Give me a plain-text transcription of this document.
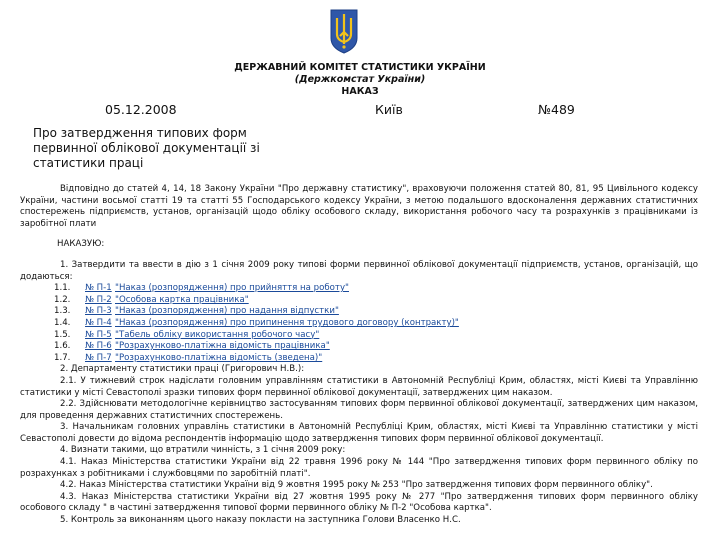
ДЕРЖАВНИЙ КОМІТЕТ СТАТИСТИКИ УКРАЇНИ
(Держкомстат України)
НАКАЗ
05.12.2008	Київ	№489
Про затвердження типових форм первинної облікової документації зі статистики праці

Відповідно до статей 4, 14, 18 Закону України "Про державну статистику", враховуючи положення статей 80, 81, 95 Цивільного кодексу України, частини восьмої статті 19 та статті 55 Господарського кодексу України, з метою подальшого вдосконалення державних статистичних спостережень підприємств, установ, організацій щодо обліку особового складу, використання робочого часу та розрахунків з працівниками із заробітної плати

НАКАЗУЮ:

1. Затвердити та ввести в дію з 1 січня 2009 року типові форми первинної облікової документації підприємств, установ, організацій, що додаються:

1.1.	№ П-1 "Наказ (розпорядження) про прийняття на роботу"
1.2.	№ П-2 "Особова картка працівника"
1.3.	№ П-3 "Наказ (розпорядження) про надання відпустки"
1.4.	№ П-4 "Наказ (розпорядження) про припинення трудового договору (контракту)"
1.5.	№ П-5 "Табель обліку використання робочого часу"
1.6.	№ П-6 "Розрахунково-платіжна відомість працівника"
1.7.	№ П-7 "Розрахунково-платіжна відомість (зведена)"

2. Департаменту статистики праці (Григорович Н.В.):

2.1. У тижневий строк надіслати головним управлінням статистики в Автономній Республіці Крим, областях, містi Києві та Управлінню статистики у місті Севастополі зразки типових форм первинної облікової документації, затверджених цим наказом.

2.2. Здійснювати методологічне керівництво застосуванням типових форм первинної облікової документації, затверджених цим наказом, для проведення державних статистичних спостережень.

3. Начальникам головних управлінь статистики в Автономній Республіці Крим, областях, містi Києві та Управлінню статистики у місті Севастополі довести до відома респондентів інформацію щодо затвердження типових форм первинної облікової документації.

4. Визнати такими, що втратили чинність, з 1 січня 2009 року:

4.1. Наказ Міністерства статистики України від 22 травня 1996 року № 144 "Про затвердження типових форм первинного обліку по розрахунках з робітниками і службовцями по заробітній платі".

4.2. Наказ Міністерства статистики України від 9 жовтня 1995 року № 253 "Про затвердження типових форм первинного обліку".

4.3. Наказ Міністерства статистики України від 27 жовтня 1995 року № 277 "Про затвердження типових форм первинного обліку особового складу " в частині затвердження типової форми первинного обліку № П-2 "Особова картка".

5. Контроль за виконанням цього наказу покласти на заступника Голови Власенко Н.С.
